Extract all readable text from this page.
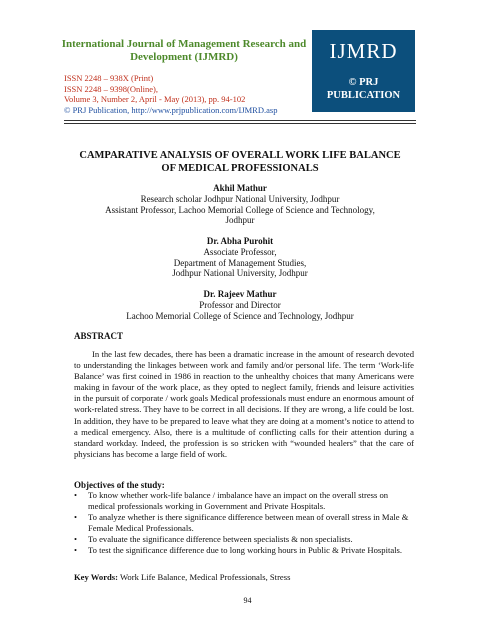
International Journal of Management Research and Development (IJMRD)	IJMRD
© PRJ
PUBLICATION
ISSN 2248 – 938X (Print)
ISSN 2248 – 9398(Online),
Volume 3, Number 2, April - May (2013), pp. 94-102
© PRJ Publication, http://www.prjpublication.com/IJMRD.asp
CAMPARATIVE ANALYSIS OF OVERALL WORK LIFE BALANCE
OF MEDICAL PROFESSIONALS
Akhil Mathur
Research scholar Jodhpur National University, Jodhpur
Assistant Professor, Lachoo Memorial College of Science and Technology,
Jodhpur
Dr. Abha Purohit
Associate Professor,
Department of Management Studies,
Jodhpur National University, Jodhpur
Dr. Rajeev Mathur
Professor and Director
Lachoo Memorial College of Science and Technology, Jodhpur
ABSTRACT
In the last few decades, there has been a dramatic increase in the amount of research devoted to understanding the linkages between work and family and/or personal life. The term ‘Work-life Balance’ was first coined in 1986 in reaction to the unhealthy choices that many Americans were making in favour of the work place, as they opted to neglect family, friends and leisure activities in the pursuit of corporate / work goals Medical professionals must endure an enormous amount of work-related stress. They have to be correct in all decisions. If they are wrong, a life could be lost. In addition, they have to be prepared to leave what they are doing at a moment’s notice to attend to a medical emergency. Also, there is a multitude of conflicting calls for their attention during a standard workday. Indeed, the profession is so stricken with “wounded healers” that the care of physicians has become a large field of work.
Objectives of the study:
• To know whether work-life balance / imbalance have an impact on the overall stress on medical professionals working in Government and Private Hospitals.
• To analyze whether is there significance difference between mean of overall stress in Male & Female Medical Professionals.
• To evaluate the significance difference between specialists & non specialists.
• To test the significance difference due to long working hours in Public & Private Hospitals.
Key Words: Work Life Balance, Medical Professionals, Stress
94
